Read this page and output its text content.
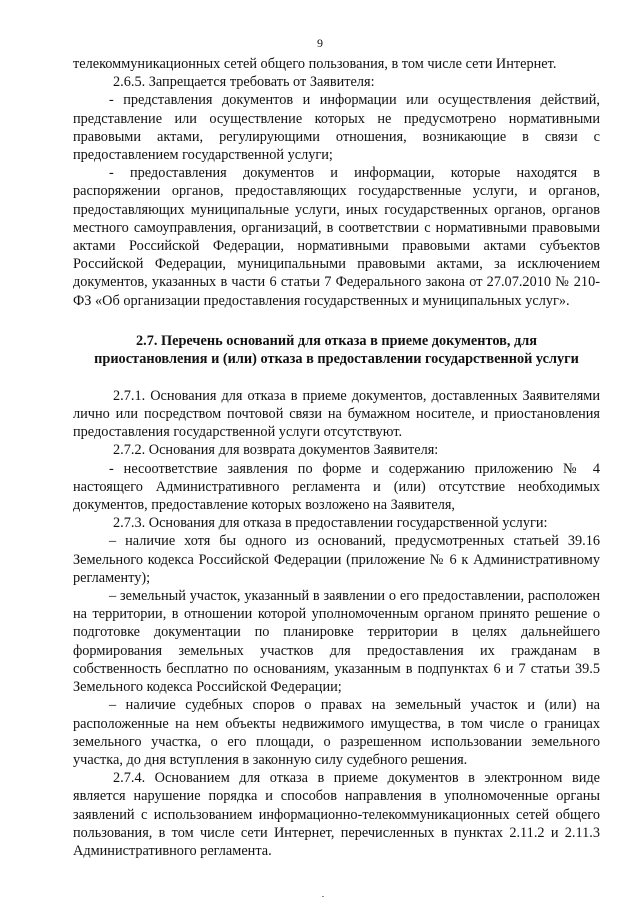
9

телекоммуникационных сетей общего пользования, в том числе сети Интернет.

2.6.5. Запрещается требовать от Заявителя:

- представления документов и информации или осуществления действий, представление или осуществление которых не предусмотрено нормативными правовыми актами, регулирующими отношения, возникающие в связи с предоставлением государственной услуги;

- предоставления документов и информации, которые находятся в распоряжении органов, предоставляющих государственные услуги, и органов, предоставляющих муниципальные услуги, иных государственных органов, органов местного самоуправления, организаций, в соответствии с нормативными правовыми актами Российской Федерации, нормативными правовыми актами субъектов Российской Федерации, муниципальными правовыми актами, за исключением документов, указанных в части 6 статьи 7 Федерального закона от 27.07.2010 № 210-ФЗ «Об организации предоставления государственных и муниципальных услуг».

2.7. Перечень оснований для отказа в приеме документов, для
приостановления и (или) отказа в предоставлении государственной услуги

2.7.1. Основания для отказа в приеме документов, доставленных Заявителями лично или посредством почтовой связи на бумажном носителе, и приостановления предоставления государственной услуги отсутствуют.

2.7.2. Основания для возврата документов Заявителя:

- несоответствие заявления по форме и содержанию приложению № 4 настоящего Административного регламента и (или) отсутствие необходимых документов, предоставление которых возложено на Заявителя,

2.7.3. Основания для отказа в предоставлении государственной услуги:

– наличие хотя бы одного из оснований, предусмотренных статьей 39.16 Земельного кодекса Российской Федерации (приложение № 6 к Административному регламенту);

– земельный участок, указанный в заявлении о его предоставлении, расположен на территории, в отношении которой уполномоченным органом принято решение о подготовке документации по планировке территории в целях дальнейшего формирования земельных участков для предоставления их гражданам в собственность бесплатно по основаниям, указанным в подпунктах 6 и 7 статьи 39.5 Земельного кодекса Российской Федерации;

– наличие судебных споров о правах на земельный участок и (или) на расположенные на нем объекты недвижимого имущества, в том числе о границах земельного участка, о его площади, о разрешенном использовании земельного участка, до дня вступления в законную силу судебного решения.

2.7.4. Основанием для отказа в приеме документов в электронном виде является нарушение порядка и способов направления в уполномоченные органы заявлений с использованием информационно-телекоммуникационных сетей общего пользования, в том числе сети Интернет, перечисленных в пунктах 2.11.2 и 2.11.3 Административного регламента.
